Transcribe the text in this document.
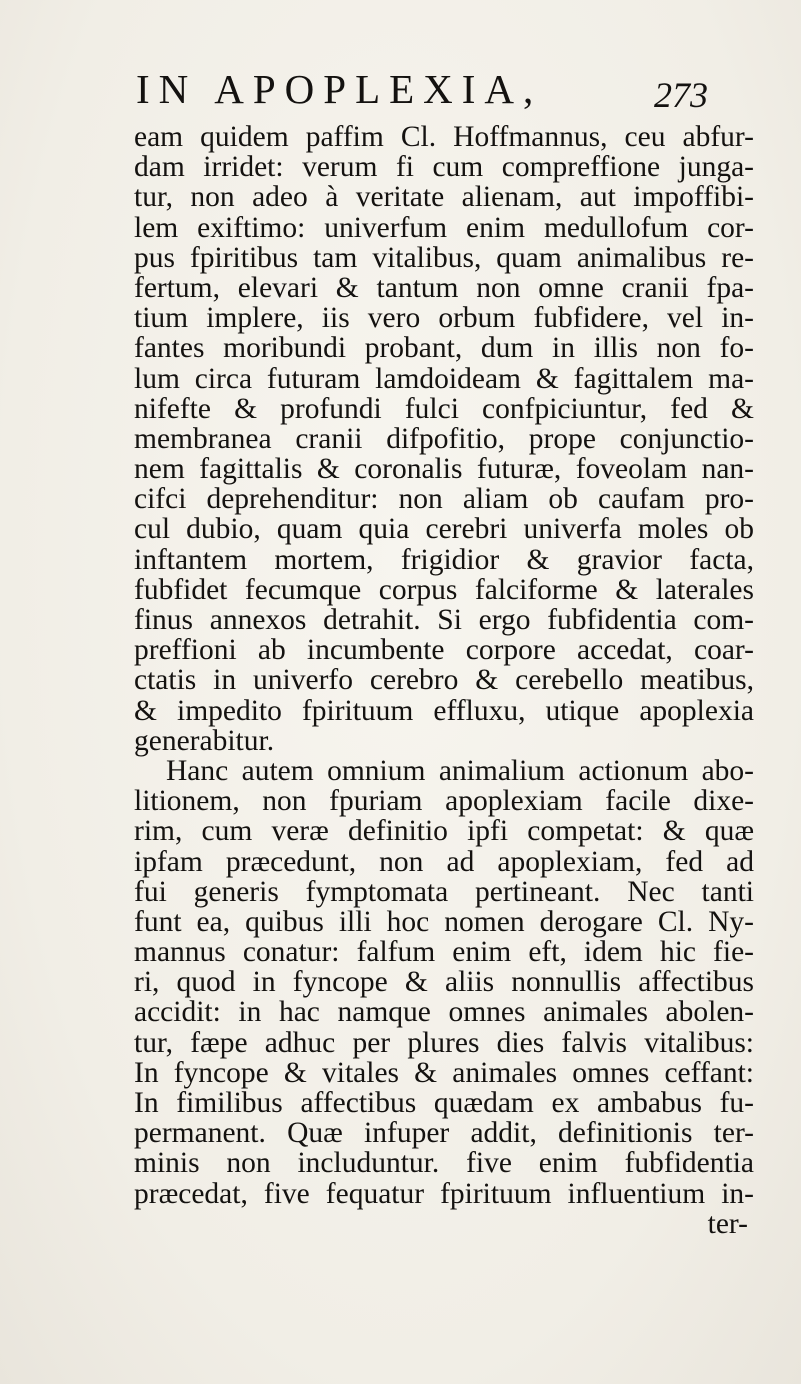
IN APOPLEXIA,	273
eam quidem paffim Cl. Hoffmannus, ceu abfur-
dam irridet: verum fi cum compreffione junga-
tur, non adeo à veritate alienam, aut impoffibi-
lem exiftimo: univerfum enim medullofum cor-
pus fpiritibus tam vitalibus, quam animalibus re-
fertum, elevari & tantum non omne cranii fpa-
tium implere, iis vero orbum fubfidere, vel in-
fantes moribundi probant, dum in illis non fo-
lum circa futuram lamdoideam & fagittalem ma-
nifefte & profundi fulci confpiciuntur, fed &
membranea cranii difpofitio, prope conjunctio-
nem fagittalis & coronalis futuræ, foveolam nan-
cifci deprehenditur: non aliam ob caufam pro-
cul dubio, quam quia cerebri univerfa moles ob
inftantem mortem, frigidior & gravior facta,
fubfidet fecumque corpus falciforme & laterales
finus annexos detrahit. Si ergo fubfidentia com-
preffioni ab incumbente corpore accedat, coar-
ctatis in univerfo cerebro & cerebello meatibus,
& impedito fpirituum effluxu, utique apoplexia
generabitur.
Hanc autem omnium animalium actionum abo-
litionem, non fpuriam apoplexiam facile dixe-
rim, cum veræ definitio ipfi competat: & quæ
ipfam præcedunt, non ad apoplexiam, fed ad
fui generis fymptomata pertineant. Nec tanti
funt ea, quibus illi hoc nomen derogare Cl. Ny-
mannus conatur: falfum enim eft, idem hic fie-
ri, quod in fyncope & aliis nonnullis affectibus
accidit: in hac namque omnes animales abolen-
tur, fæpe adhuc per plures dies falvis vitalibus:
In fyncope & vitales & animales omnes ceffant:
In fimilibus affectibus quædam ex ambabus fu-
permanent. Quæ infuper addit, definitionis ter-
minis non includuntur. five enim fubfidentia
præcedat, five fequatur fpirituum influentium in-
ter-
